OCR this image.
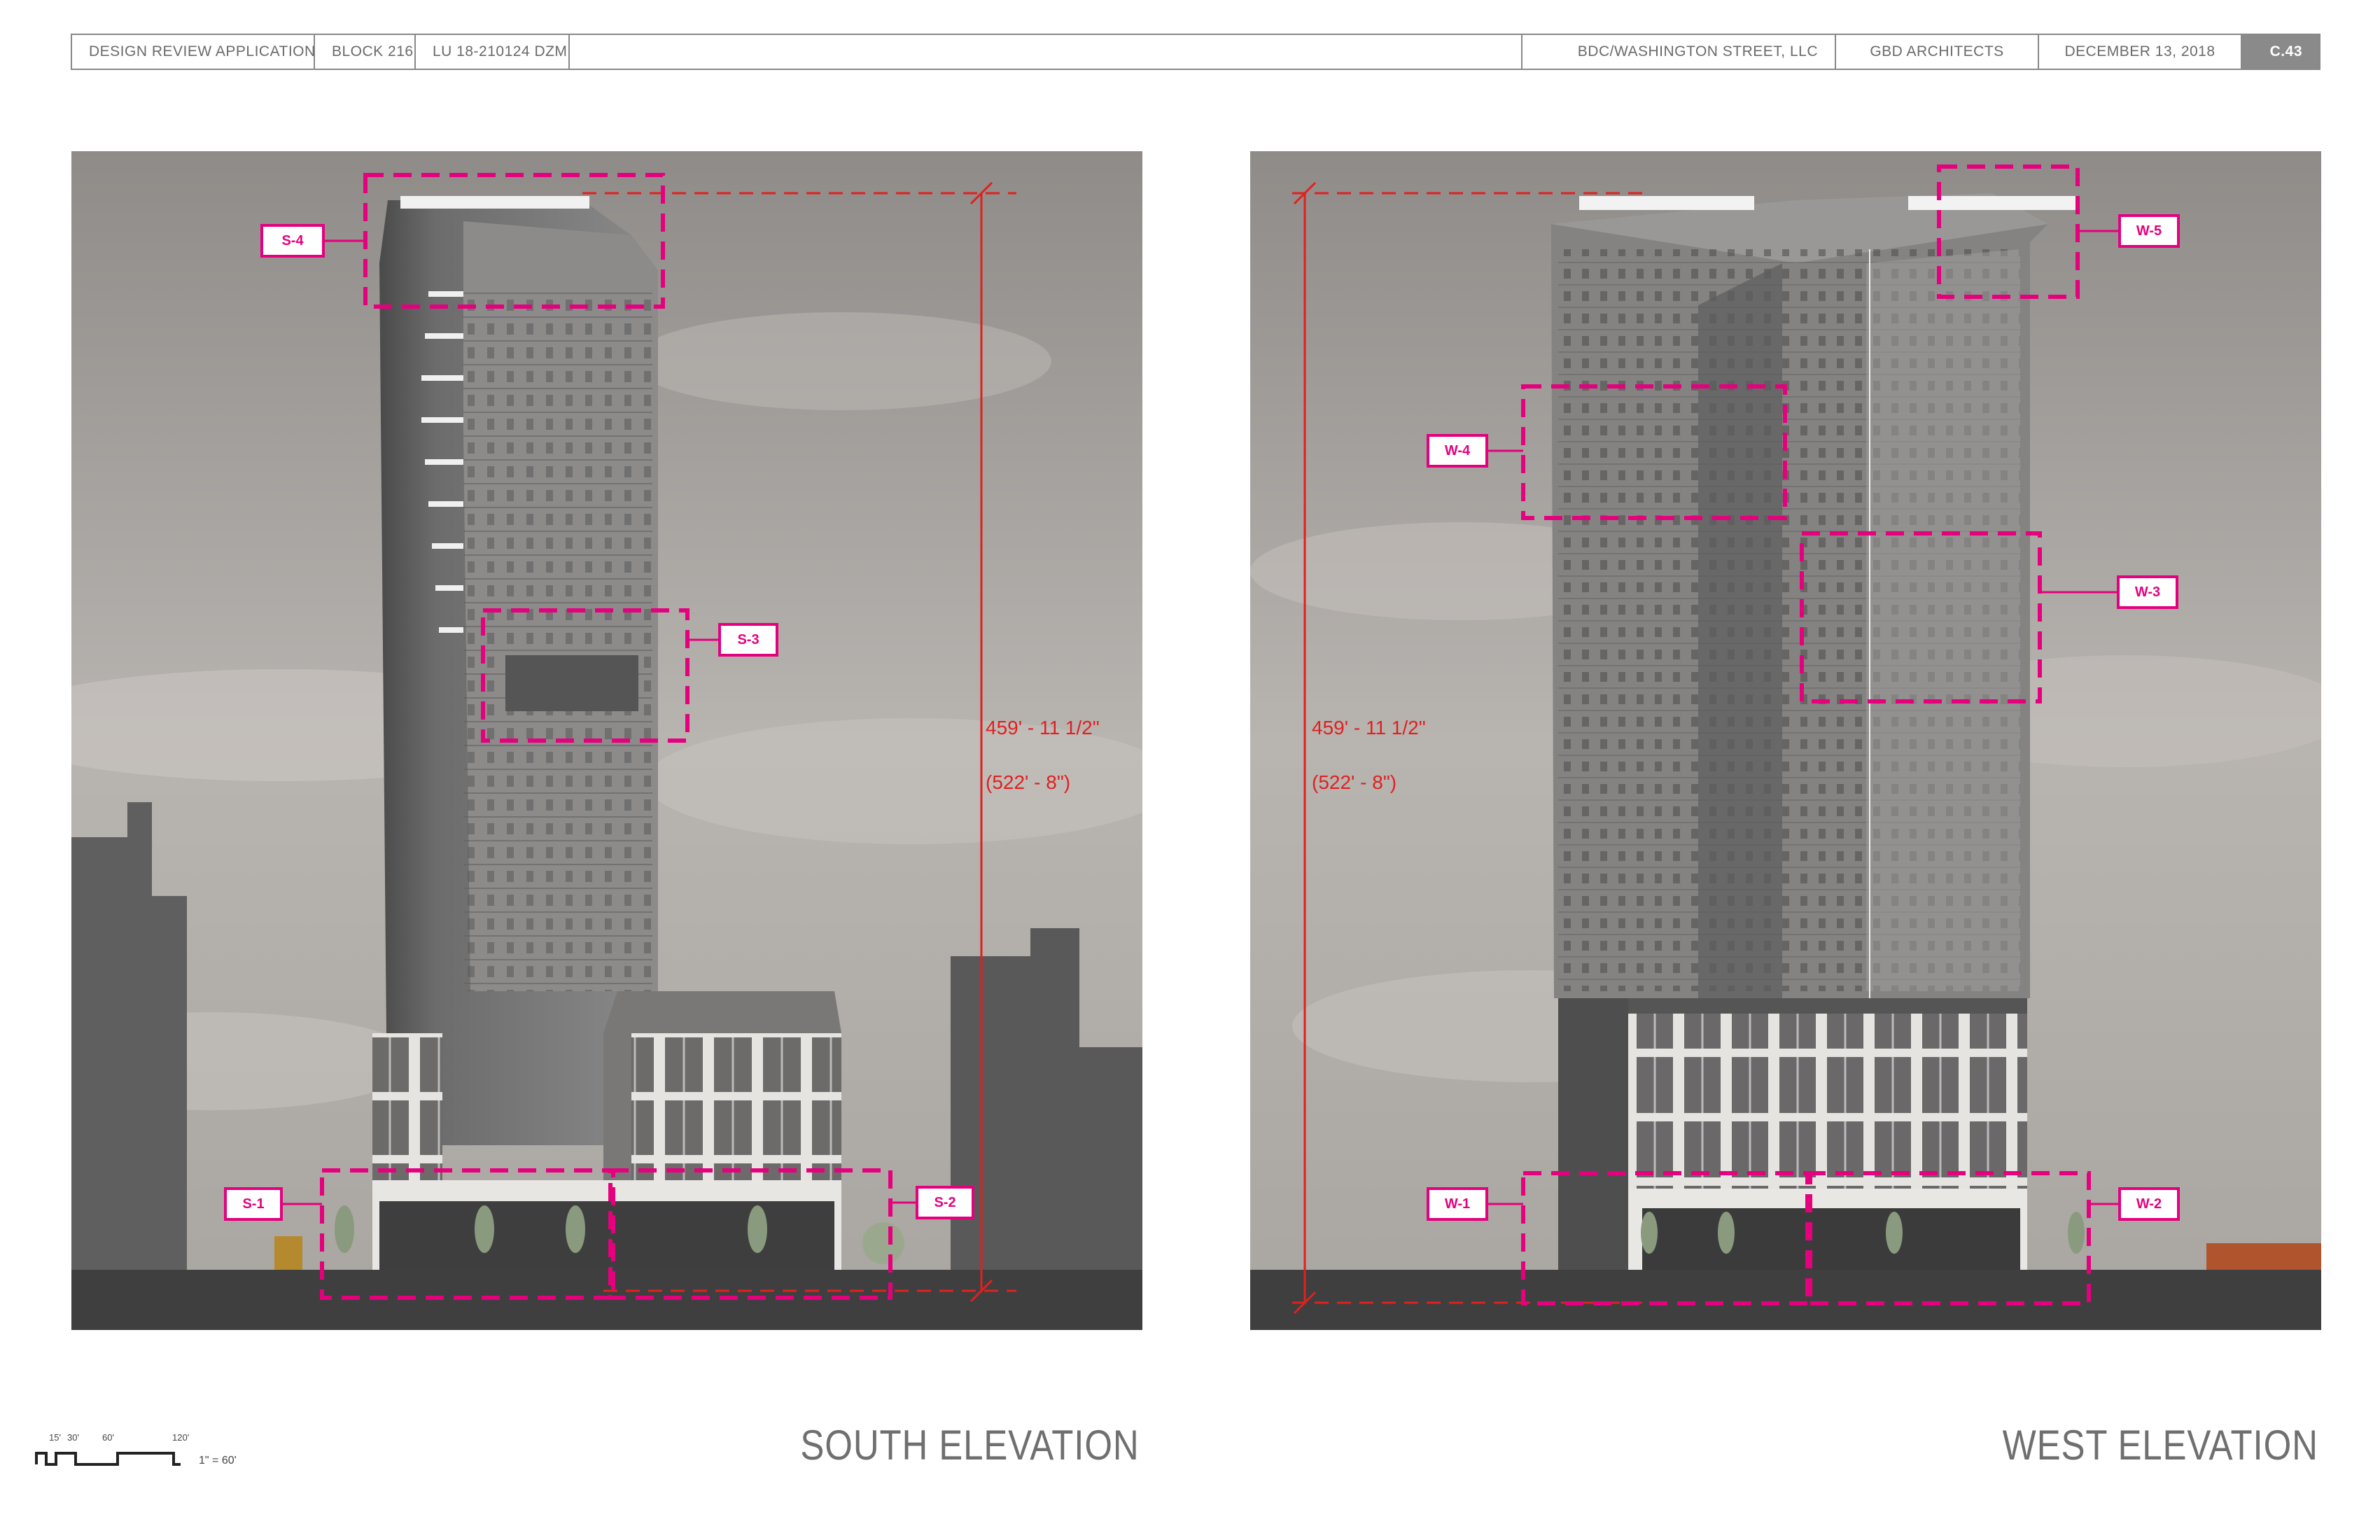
DESIGN REVIEW APPLICATION	BLOCK 216	LU 18-210124 DZM	BDC/WASHINGTON STREET, LLC	GBD ARCHITECTS	DECEMBER 13, 2018	C.43
S-4
S-3
S-1	S-2
459' - 11 1/2"
(522' - 8")
W-5
W-4
W-3
W-1	W-2
459' - 11 1/2"
(522' - 8")
SOUTH ELEVATION	WEST ELEVATION
15' 30'	60'	120'
1" = 60'
